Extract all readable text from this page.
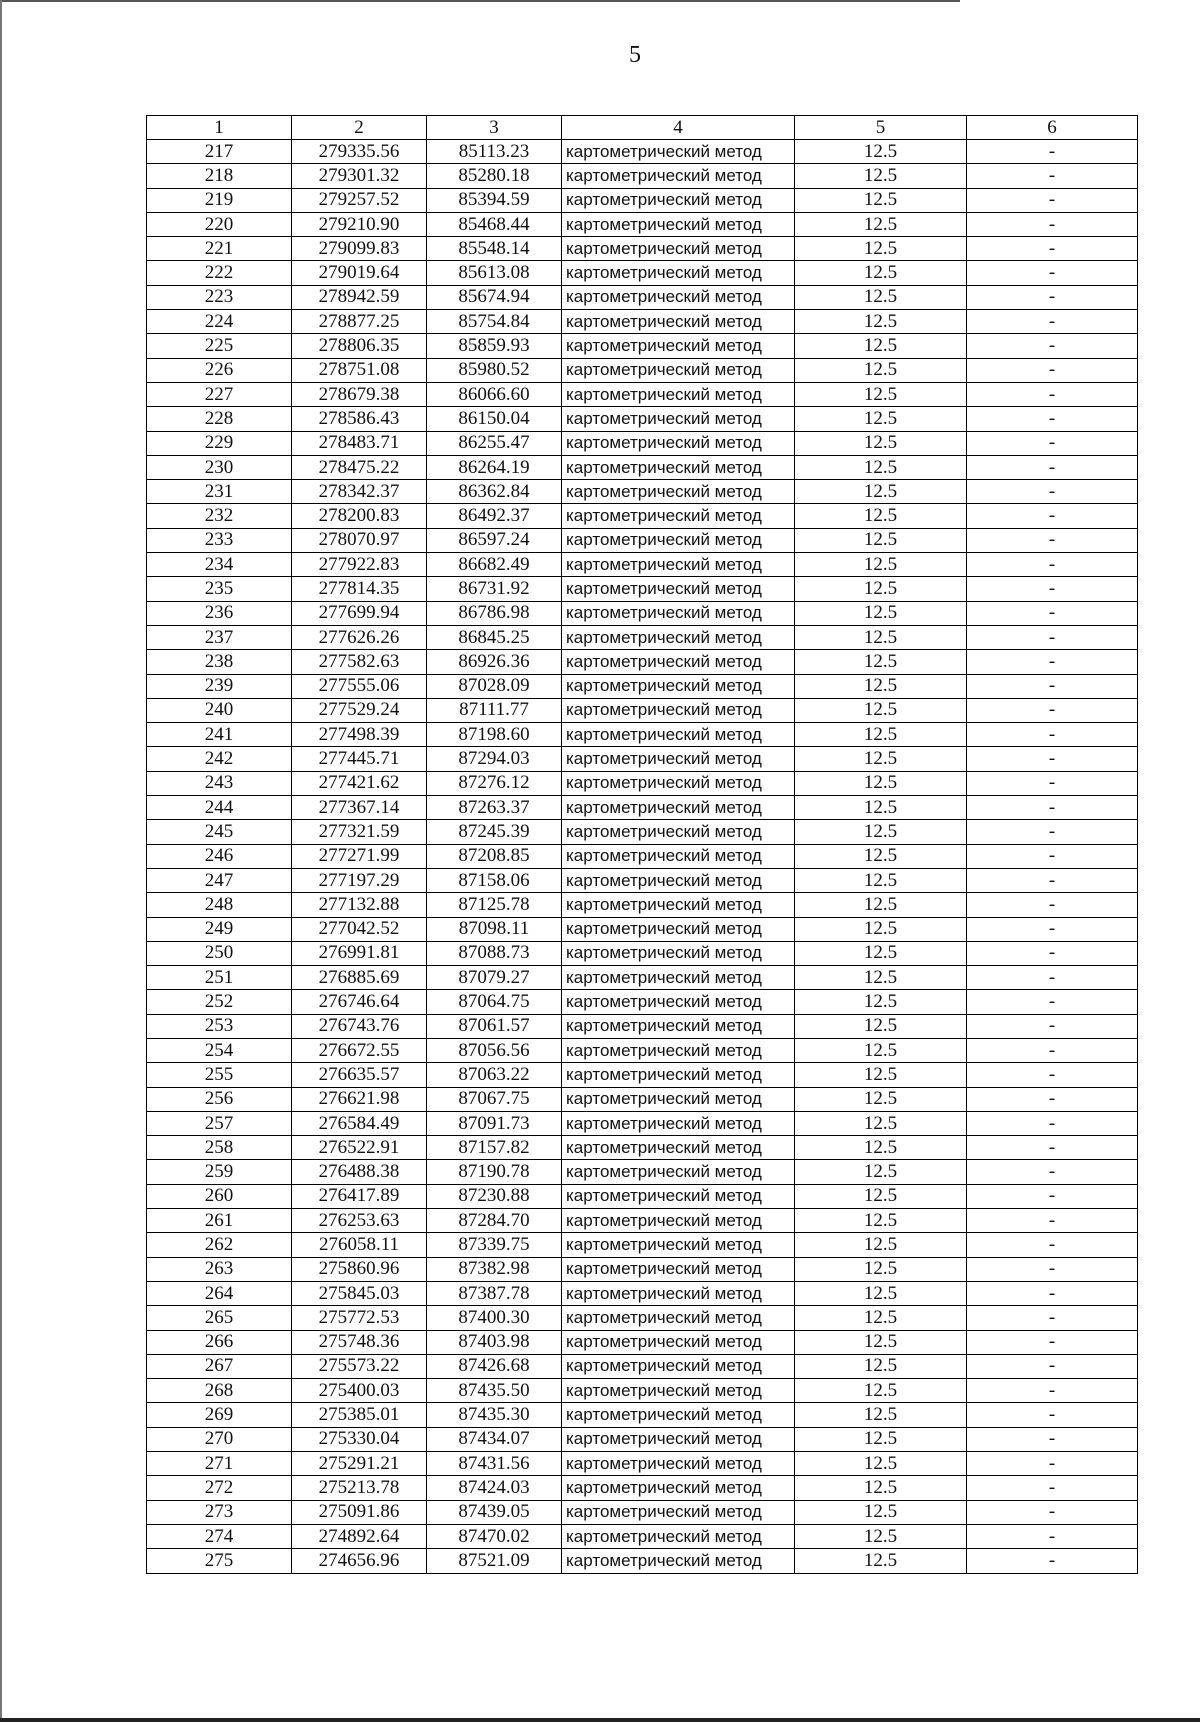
5
1	2	3	4	5	6
217	279335.56	85113.23	картометрический метод	12.5	-
218	279301.32	85280.18	картометрический метод	12.5	-
219	279257.52	85394.59	картометрический метод	12.5	-
220	279210.90	85468.44	картометрический метод	12.5	-
221	279099.83	85548.14	картометрический метод	12.5	-
222	279019.64	85613.08	картометрический метод	12.5	-
223	278942.59	85674.94	картометрический метод	12.5	-
224	278877.25	85754.84	картометрический метод	12.5	-
225	278806.35	85859.93	картометрический метод	12.5	-
226	278751.08	85980.52	картометрический метод	12.5	-
227	278679.38	86066.60	картометрический метод	12.5	-
228	278586.43	86150.04	картометрический метод	12.5	-
229	278483.71	86255.47	картометрический метод	12.5	-
230	278475.22	86264.19	картометрический метод	12.5	-
231	278342.37	86362.84	картометрический метод	12.5	-
232	278200.83	86492.37	картометрический метод	12.5	-
233	278070.97	86597.24	картометрический метод	12.5	-
234	277922.83	86682.49	картометрический метод	12.5	-
235	277814.35	86731.92	картометрический метод	12.5	-
236	277699.94	86786.98	картометрический метод	12.5	-
237	277626.26	86845.25	картометрический метод	12.5	-
238	277582.63	86926.36	картометрический метод	12.5	-
239	277555.06	87028.09	картометрический метод	12.5	-
240	277529.24	87111.77	картометрический метод	12.5	-
241	277498.39	87198.60	картометрический метод	12.5	-
242	277445.71	87294.03	картометрический метод	12.5	-
243	277421.62	87276.12	картометрический метод	12.5	-
244	277367.14	87263.37	картометрический метод	12.5	-
245	277321.59	87245.39	картометрический метод	12.5	-
246	277271.99	87208.85	картометрический метод	12.5	-
247	277197.29	87158.06	картометрический метод	12.5	-
248	277132.88	87125.78	картометрический метод	12.5	-
249	277042.52	87098.11	картометрический метод	12.5	-
250	276991.81	87088.73	картометрический метод	12.5	-
251	276885.69	87079.27	картометрический метод	12.5	-
252	276746.64	87064.75	картометрический метод	12.5	-
253	276743.76	87061.57	картометрический метод	12.5	-
254	276672.55	87056.56	картометрический метод	12.5	-
255	276635.57	87063.22	картометрический метод	12.5	-
256	276621.98	87067.75	картометрический метод	12.5	-
257	276584.49	87091.73	картометрический метод	12.5	-
258	276522.91	87157.82	картометрический метод	12.5	-
259	276488.38	87190.78	картометрический метод	12.5	-
260	276417.89	87230.88	картометрический метод	12.5	-
261	276253.63	87284.70	картометрический метод	12.5	-
262	276058.11	87339.75	картометрический метод	12.5	-
263	275860.96	87382.98	картометрический метод	12.5	-
264	275845.03	87387.78	картометрический метод	12.5	-
265	275772.53	87400.30	картометрический метод	12.5	-
266	275748.36	87403.98	картометрический метод	12.5	-
267	275573.22	87426.68	картометрический метод	12.5	-
268	275400.03	87435.50	картометрический метод	12.5	-
269	275385.01	87435.30	картометрический метод	12.5	-
270	275330.04	87434.07	картометрический метод	12.5	-
271	275291.21	87431.56	картометрический метод	12.5	-
272	275213.78	87424.03	картометрический метод	12.5	-
273	275091.86	87439.05	картометрический метод	12.5	-
274	274892.64	87470.02	картометрический метод	12.5	-
275	274656.96	87521.09	картометрический метод	12.5	-
